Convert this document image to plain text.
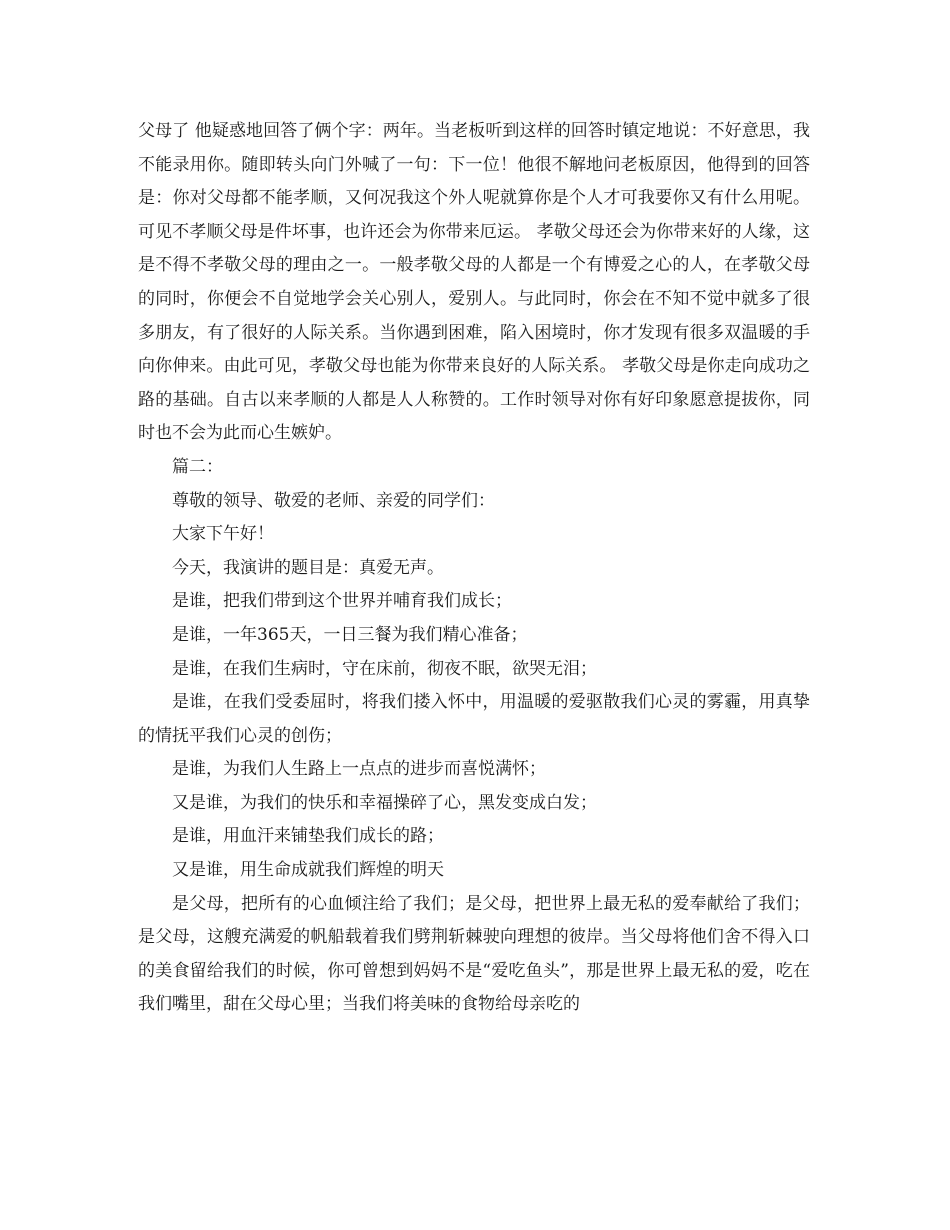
父母了 他疑惑地回答了俩个字：两年。当老板听到这样的回答时镇定地说：不好意思，我不能录用你。随即转头向门外喊了一句：下一位！他很不解地问老板原因，他得到的回答是：你对父母都不能孝顺，又何况我这个外人呢就算你是个人才可我要你又有什么用呢。可见不孝顺父母是件坏事，也许还会为你带来厄运。 孝敬父母还会为你带来好的人缘，这是不得不孝敬父母的理由之一。一般孝敬父母的人都是一个有博爱之心的人，在孝敬父母的同时，你便会不自觉地学会关心别人，爱别人。与此同时，你会在不知不觉中就多了很多朋友，有了很好的人际关系。当你遇到困难，陷入困境时，你才发现有很多双温暖的手向你伸来。由此可见，孝敬父母也能为你带来良好的人际关系。 孝敬父母是你走向成功之路的基础。自古以来孝顺的人都是人人称赞的。工作时领导对你有好印象愿意提拔你，同时也不会为此而心生嫉妒。

篇二：

尊敬的领导、敬爱的老师、亲爱的同学们：

大家下午好！

今天，我演讲的题目是：真爱无声。

是谁，把我们带到这个世界并哺育我们成长；

是谁，一年365天，一日三餐为我们精心准备；

是谁，在我们生病时，守在床前，彻夜不眠，欲哭无泪；

是谁，在我们受委屈时，将我们搂入怀中，用温暖的爱驱散我们心灵的雾霾，用真挚的情抚平我们心灵的创伤；

是谁，为我们人生路上一点点的进步而喜悦满怀；

又是谁，为我们的快乐和幸福操碎了心，黑发变成白发；

是谁，用血汗来铺垫我们成长的路；

又是谁，用生命成就我们辉煌的明天

是父母，把所有的心血倾注给了我们；是父母，把世界上最无私的爱奉献给了我们；是父母，这艘充满爱的帆船载着我们劈荆斩棘驶向理想的彼岸。当父母将他们舍不得入口的美食留给我们的时候，你可曾想到妈妈不是“爱吃鱼头”，那是世界上最无私的爱，吃在我们嘴里，甜在父母心里；当我们将美味的食物给母亲吃的
